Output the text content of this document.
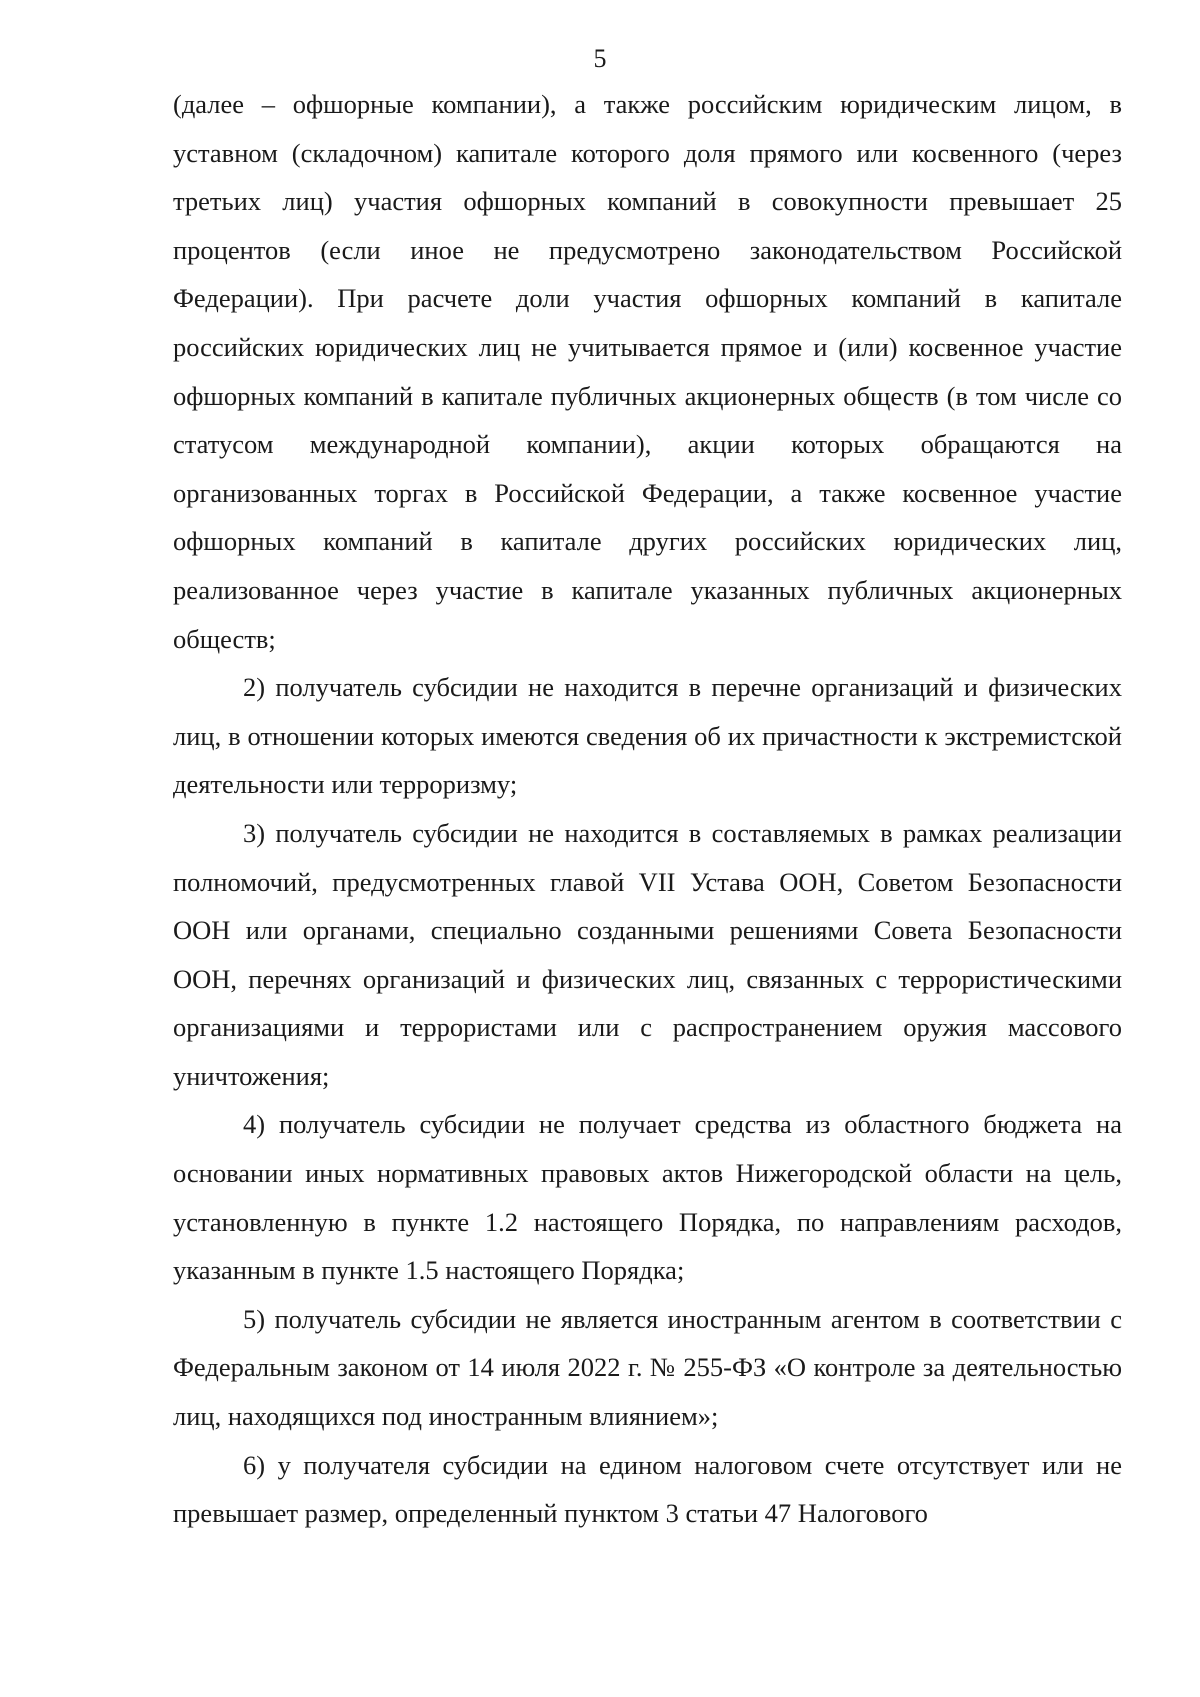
5

(далее – офшорные компании), а также российским юридическим лицом, в уставном (складочном) капитале которого доля прямого или косвенного (через третьих лиц) участия офшорных компаний в совокупности превышает 25 процентов (если иное не предусмотрено законодательством Российской Федерации). При расчете доли участия офшорных компаний в капитале российских юридических лиц не учитывается прямое и (или) косвенное участие офшорных компаний в капитале публичных акционерных обществ (в том числе со статусом международной компании), акции которых обращаются на организованных торгах в Российской Федерации, а также косвенное участие офшорных компаний в капитале других российских юридических лиц, реализованное через участие в капитале указанных публичных акционерных обществ;

2) получатель субсидии не находится в перечне организаций и физических лиц, в отношении которых имеются сведения об их причастности к экстремистской деятельности или терроризму;

3) получатель субсидии не находится в составляемых в рамках реализации полномочий, предусмотренных главой VII Устава ООН, Советом Безопасности ООН или органами, специально созданными решениями Совета Безопасности ООН, перечнях организаций и физических лиц, связанных с террористическими организациями и террористами или с распространением оружия массового уничтожения;

4) получатель субсидии не получает средства из областного бюджета на основании иных нормативных правовых актов Нижегородской области на цель, установленную в пункте 1.2 настоящего Порядка, по направлениям расходов, указанным в пункте 1.5 настоящего Порядка;

5) получатель субсидии не является иностранным агентом в соответствии с Федеральным законом от 14 июля 2022 г. № 255-ФЗ «О контроле за деятельностью лиц, находящихся под иностранным влиянием»;

6) у получателя субсидии на едином налоговом счете отсутствует или не превышает размер, определенный пунктом 3 статьи 47 Налогового
